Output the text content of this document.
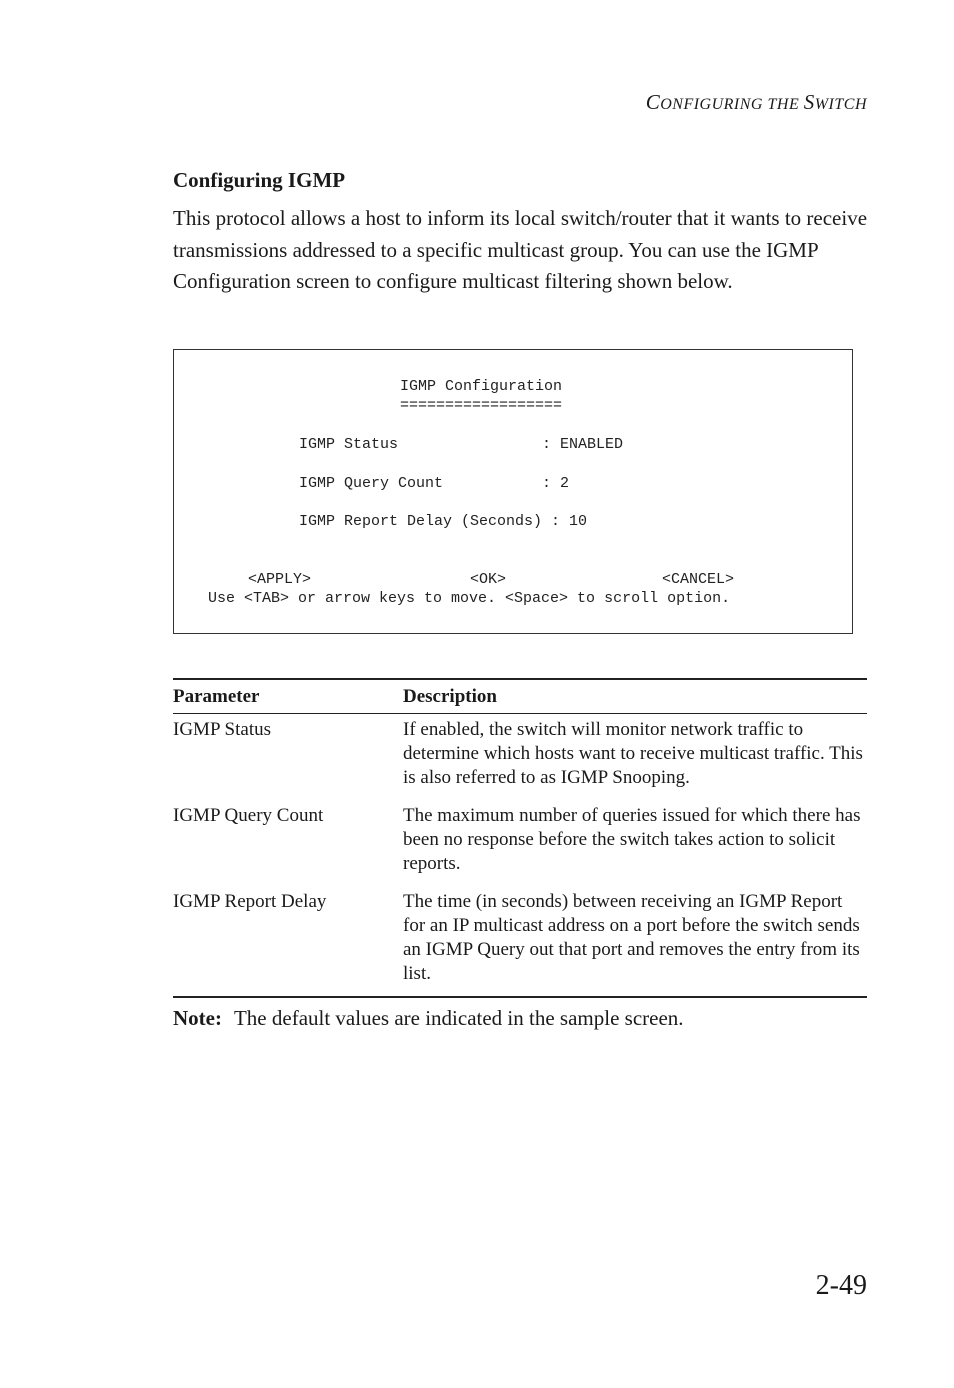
CONFIGURING THE SWITCH
Configuring IGMP
This protocol allows a host to inform its local switch/router that it wants to receive transmissions addressed to a specific multicast group. You can use the IGMP Configuration screen to configure multicast filtering shown below.
IGMP Configuration
==================
IGMP Status                : ENABLED
IGMP Query Count           : 2
IGMP Report Delay (Seconds) : 10
<APPLY>	<OK>	<CANCEL>
Use <TAB> or arrow keys to move. <Space> to scroll option.
Parameter	Description
IGMP Status	If enabled, the switch will monitor network traffic to determine which hosts want to receive multicast traffic. This is also referred to as IGMP Snooping.
IGMP Query Count	The maximum number of queries issued for which there has been no response before the switch takes action to solicit reports.
IGMP Report Delay	The time (in seconds) between receiving an IGMP Report for an IP multicast address on a port before the switch sends an IGMP Query out that port and removes the entry from its list.
Note: The default values are indicated in the sample screen.
2-49
